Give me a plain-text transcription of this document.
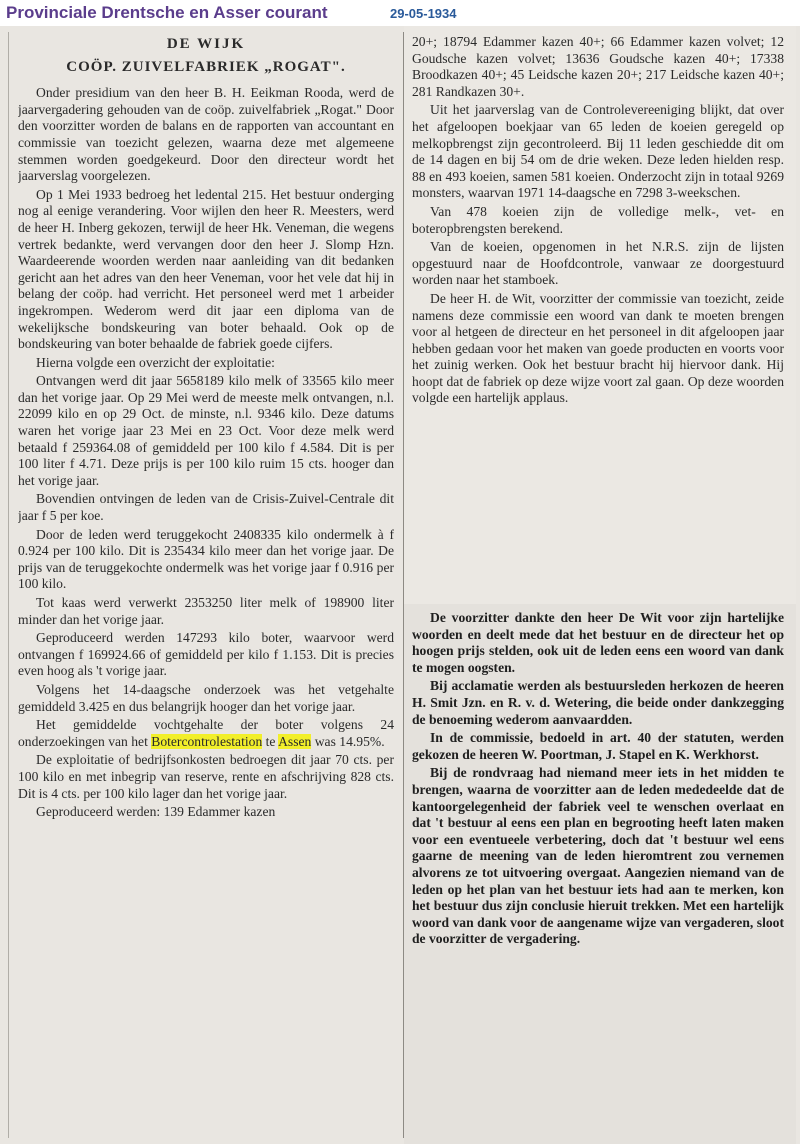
Provinciale Drentsche en Asser courant	29-05-1934
DE WIJK
COÖP. ZUIVELFABRIEK „ROGAT".

Onder presidium van den heer B. H. Eeikman Rooda, werd de jaarvergadering gehouden van de coöp. zuivelfabriek „Rogat." Door den voorzitter worden de balans en de rapporten van accountant en commissie van toezicht gelezen, waarna deze met algemeene stemmen worden goedgekeurd. Door den directeur wordt het jaarverslag voorgelezen.

Op 1 Mei 1933 bedroeg het ledental 215. Het bestuur onderging nog al eenige verandering. Voor wijlen den heer R. Meesters, werd de heer H. Inberg gekozen, terwijl de heer Hk. Veneman, die wegens vertrek bedankte, werd vervangen door den heer J. Slomp Hzn. Waardeerende woorden werden naar aanleiding van dit bedanken gericht aan het adres van den heer Veneman, voor het vele dat hij in belang der coöp. had verricht. Het personeel werd met 1 arbeider ingekrompen. Wederom werd dit jaar een diploma van de wekelijksche bondskeuring van boter behaald. Ook op de bondskeuring van boter behaalde de fabriek goede cijfers.

Hierna volgde een overzicht der exploitatie:

Ontvangen werd dit jaar 5658189 kilo melk of 33565 kilo meer dan het vorige jaar. Op 29 Mei werd de meeste melk ontvangen, n.l. 22099 kilo en op 29 Oct. de minste, n.l. 9346 kilo. Deze datums waren het vorige jaar 23 Mei en 23 Oct. Voor deze melk werd betaald f 259364.08 of gemiddeld per 100 kilo f 4.584. Dit is per 100 liter f 4.71. Deze prijs is per 100 kilo ruim 15 cts. hooger dan het vorige jaar.

Bovendien ontvingen de leden van de Crisis-Zuivel-Centrale dit jaar f 5 per koe.

Door de leden werd teruggekocht 2408335 kilo ondermelk à f 0.924 per 100 kilo. Dit is 235434 kilo meer dan het vorige jaar. De prijs van de teruggekochte ondermelk was het vorige jaar f 0.916 per 100 kilo.

Tot kaas werd verwerkt 2353250 liter melk of 198900 liter minder dan het vorige jaar.

Geproduceerd werden 147293 kilo boter, waarvoor werd ontvangen f 169924.66 of gemiddeld per kilo f 1.153. Dit is precies even hoog als 't vorige jaar.

Volgens het 14-daagsche onderzoek was het vetgehalte gemiddeld 3.425 en dus belangrijk hooger dan het vorige jaar.

Het gemiddelde vochtgehalte der boter volgens 24 onderzoekingen van het Botercontrolestation te Assen was 14.95%.

De exploitatie of bedrijfsonkosten bedroegen dit jaar 70 cts. per 100 kilo en met inbegrip van reserve, rente en afschrijving 828 cts. Dit is 4 cts. per 100 kilo lager dan het vorige jaar.

Geproduceerd werden: 139 Edammer kazen

20+; 18794 Edammer kazen 40+; 66 Edammer kazen volvet; 12 Goudsche kazen volvet; 13636 Goudsche kazen 40+; 17338 Broodkazen 40+; 45 Leidsche kazen 20+; 217 Leidsche kazen 40+; 281 Randkazen 30+.

Uit het jaarverslag van de Controlevereeniging blijkt, dat over het afgeloopen boekjaar van 65 leden de koeien geregeld op melkopbrengst zijn gecontroleerd. Bij 11 leden geschiedde dit om de 14 dagen en bij 54 om de drie weken. Deze leden hielden resp. 88 en 493 koeien, samen 581 koeien. Onderzocht zijn in totaal 9269 monsters, waarvan 1971 14-daagsche en 7298 3-weekschen.

Van 478 koeien zijn de volledige melk-, vet- en boteropbrengsten berekend.

Van de koeien, opgenomen in het N.R.S. zijn de lijsten opgestuurd naar de Hoofdcontrole, vanwaar ze doorgestuurd worden naar het stamboek.

De heer H. de Wit, voorzitter der commissie van toezicht, zeide namens deze commissie een woord van dank te moeten brengen voor al hetgeen de directeur en het personeel in dit afgeloopen jaar hebben gedaan voor het maken van goede producten en voorts voor het zuinig werken. Ook het bestuur bracht hij hiervoor dank. Hij hoopt dat de fabriek op deze wijze voort zal gaan. Op deze woorden volgde een hartelijk applaus.

De voorzitter dankte den heer De Wit voor zijn hartelijke woorden en deelt mede dat het bestuur en de directeur het op hoogen prijs stelden, ook uit de leden eens een woord van dank te mogen oogsten.

Bij acclamatie werden als bestuursleden herkozen de heeren H. Smit Jzn. en R. v. d. Wetering, die beide onder dankzegging de benoeming wederom aanvaardden.

In de commissie, bedoeld in art. 40 der statuten, werden gekozen de heeren W. Poortman, J. Stapel en K. Werkhorst.

Bij de rondvraag had niemand meer iets in het midden te brengen, waarna de voorzitter aan de leden mededeelde dat de kantoorgelegenheid der fabriek veel te wenschen overlaat en dat 't bestuur al eens een plan en begrooting heeft laten maken voor een eventueele verbetering, doch dat 't bestuur wel eens gaarne de meening van de leden hieromtrent zou vernemen alvorens ze tot uitvoering overgaat. Aangezien niemand van de leden op het plan van het bestuur iets had aan te merken, kon het bestuur dus zijn conclusie hieruit trekken. Met een hartelijk woord van dank voor de aangename wijze van vergaderen, sloot de voorzitter de vergadering.
